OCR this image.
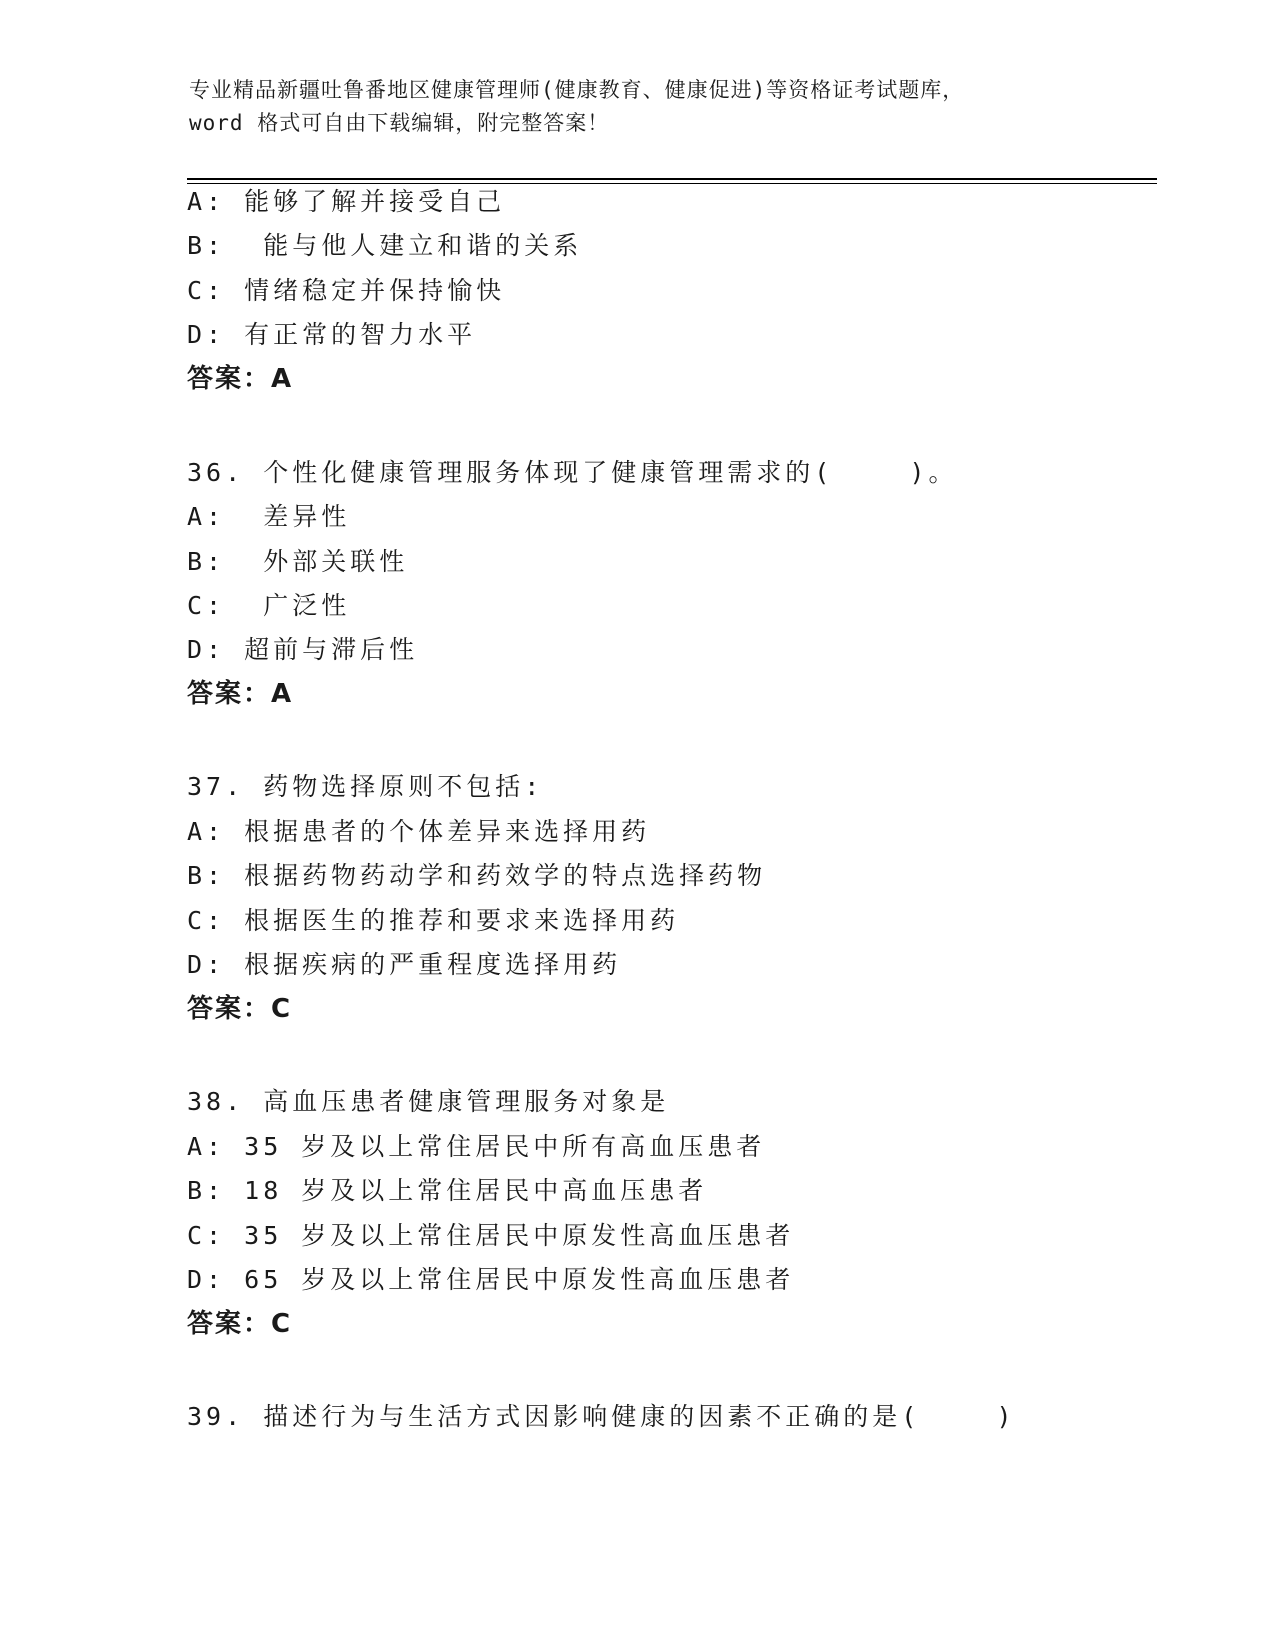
专业精品新疆吐鲁番地区健康管理师(健康教育、健康促进)等资格证考试题库，
word 格式可自由下载编辑，附完整答案！
A: 能够了解并接受自己
B:  能与他人建立和谐的关系
C: 情绪稳定并保持愉快
D: 有正常的智力水平
答案：A
36. 个性化健康管理服务体现了健康管理需求的(    )。
A:  差异性
B:  外部关联性
C:  广泛性
D: 超前与滞后性
答案：A
37. 药物选择原则不包括:
A: 根据患者的个体差异来选择用药
B: 根据药物药动学和药效学的特点选择药物
C: 根据医生的推荐和要求来选择用药
D: 根据疾病的严重程度选择用药
答案：C
38. 高血压患者健康管理服务对象是
A: 35 岁及以上常住居民中所有高血压患者
B: 18 岁及以上常住居民中高血压患者
C: 35 岁及以上常住居民中原发性高血压患者
D: 65 岁及以上常住居民中原发性高血压患者
答案：C
39. 描述行为与生活方式因影响健康的因素不正确的是(    )
